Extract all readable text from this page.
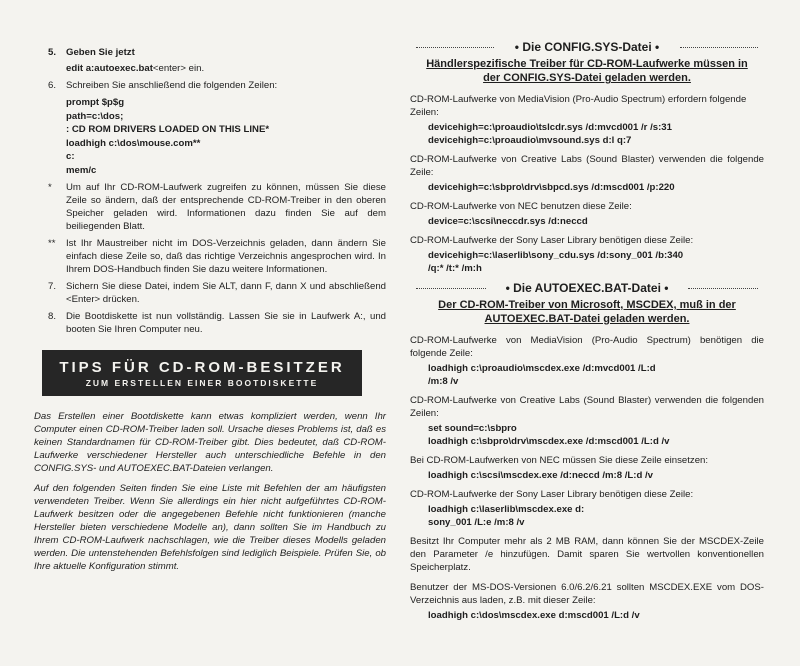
5. Geben Sie jetzt
edit a:autoexec.bat<enter> ein.
6. Schreiben Sie anschließend die folgenden Zeilen:
prompt $p$g
path=c:\dos;
: CD ROM DRIVERS LOADED ON THIS LINE*
loadhigh c:\dos\mouse.com**
c:
mem/c
* Um auf Ihr CD-ROM-Laufwerk zugreifen zu können, müssen Sie diese Zeile so ändern, daß der entsprechende CD-ROM-Treiber in den oberen Speicher geladen wird. Informationen dazu finden Sie auf dem beiliegenden Blatt.
** Ist Ihr Maustreiber nicht im DOS-Verzeichnis geladen, dann ändern Sie einfach diese Zeile so, daß das richtige Verzeichnis angesprochen wird. In Ihrem DOS-Handbuch finden Sie dazu weitere Informationen.
7. Sichern Sie diese Datei, indem Sie ALT, dann F, dann X und abschließend <Enter> drücken.
8. Die Bootdiskette ist nun vollständig. Lassen Sie sie in Laufwerk A:, und booten Sie Ihren Computer neu.
TIPS FÜR CD-ROM-BESITZER
ZUM ERSTELLEN EINER BOOTDISKETTE

Das Erstellen einer Bootdiskette kann etwas kompliziert werden, wenn Ihr Computer einen CD-ROM-Treiber laden soll. Ursache dieses Problems ist, daß es keinen Standardnamen für CD-ROM-Treiber gibt. Dies bedeutet, daß CD-ROM-Laufwerke verschiedener Hersteller auch unterschiedliche Befehle in den CONFIG.SYS- und AUTOEXEC.BAT-Dateien verlangen.

Auf den folgenden Seiten finden Sie eine Liste mit Befehlen der am häufigsten verwendeten Treiber. Wenn Sie allerdings ein hier nicht aufgeführtes CD-ROM-Laufwerk besitzen oder die angegebenen Befehle nicht funktionieren (manche Hersteller bieten verschiedene Modelle an), dann sollten Sie im Handbuch zu Ihrem CD-ROM-Laufwerk nachschlagen, wie die Treiber dieses Modells geladen werden. Die untenstehenden Befehlsfolgen sind lediglich Beispiele. Prüfen Sie, ob Ihre aktuelle Konfiguration stimmt.

• Die CONFIG.SYS-Datei •
Händlerspezifische Treiber für CD-ROM-Laufwerke müssen in der CONFIG.SYS-Datei geladen werden.
CD-ROM-Laufwerke von MediaVision (Pro-Audio Spectrum) erfordern folgende Zeilen:
devicehigh=c:\proaudio\tslcdr.sys /d:mvcd001 /r /s:31
devicehigh=c:\proaudio\mvsound.sys d:l q:7
CD-ROM-Laufwerke von Creative Labs (Sound Blaster) verwenden die folgende Zeile:
devicehigh=c:\sbpro\drv\sbpcd.sys /d:mscd001 /p:220
CD-ROM-Laufwerke von NEC benutzen diese Zeile:
device=c:\scsi\neccdr.sys /d:neccd
CD-ROM-Laufwerke der Sony Laser Library benötigen diese Zeile:
devicehigh=c:\laserlib\sony_cdu.sys /d:sony_001 /b:340
/q:* /t:* /m:h
• Die AUTOEXEC.BAT-Datei •
Der CD-ROM-Treiber von Microsoft, MSCDEX, muß in der AUTOEXEC.BAT-Datei geladen werden.
CD-ROM-Laufwerke von MediaVision (Pro-Audio Spectrum) benötigen die folgende Zeile:
loadhigh c:\proaudio\mscdex.exe /d:mvcd001 /L:d
/m:8 /v
CD-ROM-Laufwerke von Creative Labs (Sound Blaster) verwenden die folgenden Zeilen:
set sound=c:\sbpro
loadhigh c:\sbpro\drv\mscdex.exe /d:mscd001 /L:d /v
Bei CD-ROM-Laufwerken von NEC müssen Sie diese Zeile einsetzen:
loadhigh c:\scsi\mscdex.exe /d:neccd /m:8 /L:d /v
CD-ROM-Laufwerke der Sony Laser Library benötigen diese Zeile:
loadhigh c:\laserlib\mscdex.exe d:
sony_001 /L:e /m:8 /v
Besitzt Ihr Computer mehr als 2 MB RAM, dann können Sie der MSCDEX-Zeile den Parameter /e hinzufügen. Damit sparen Sie wertvollen konventionellen Speicherplatz.
Benutzer der MS-DOS-Versionen 6.0/6.2/6.21 sollten MSCDEX.EXE vom DOS-Verzeichnis aus laden, z.B. mit dieser Zeile:
loadhigh c:\dos\mscdex.exe d:mscd001 /L:d /v
